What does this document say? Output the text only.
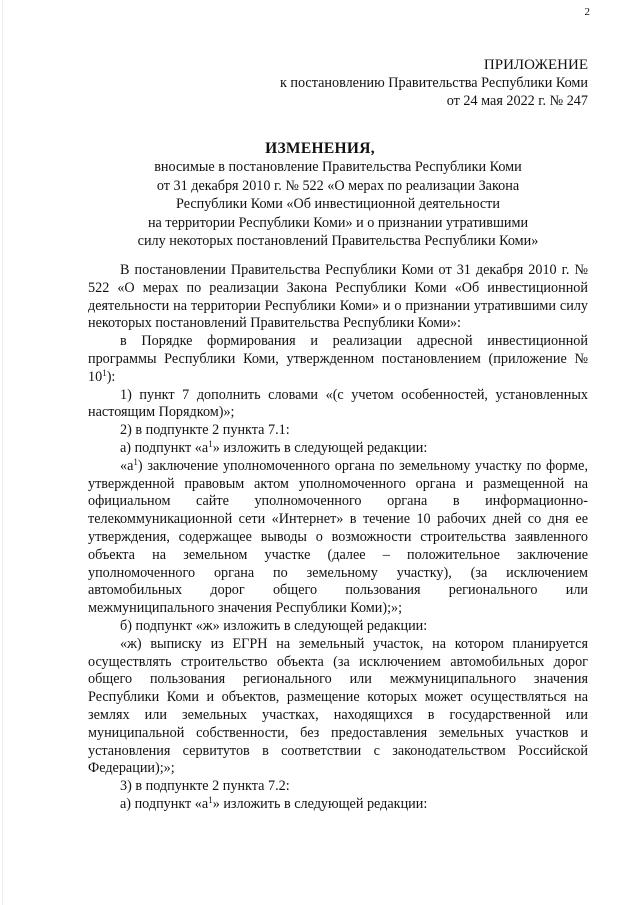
2
ПРИЛОЖЕНИЕ
к постановлению Правительства Республики Коми
от 24 мая 2022 г. № 247
ИЗМЕНЕНИЯ,
вносимые в постановление Правительства Республики Коми
от 31 декабря 2010 г. № 522 «О мерах по реализации Закона
Республики Коми «Об инвестиционной деятельности
на территории Республики Коми» и о признании утратившими
силу некоторых постановлений Правительства Республики Коми»

В постановлении Правительства Республики Коми от 31 декабря 2010 г. № 522 «О мерах по реализации Закона Республики Коми «Об инвестиционной деятельности на территории Республики Коми» и о признании утратившими силу некоторых постановлений Правительства Республики Коми»:

в Порядке формирования и реализации адресной инвестиционной программы Республики Коми, утвержденном постановлением (приложение № $10^1$):

1) пункт 7 дополнить словами «(с учетом особенностей, установленных настоящим Порядком)»;

2) в подпункте 2 пункта 7.1:

а) подпункт «$а^1$» изложить в следующей редакции:

«$а^1$) заключение уполномоченного органа по земельному участку по форме, утвержденной правовым актом уполномоченного органа и размещенной на официальном сайте уполномоченного органа в информационно-телекоммуникационной сети «Интернет» в течение 10 рабочих дней со дня ее утверждения, содержащее выводы о возможности строительства заявленного объекта на земельном участке (далее – положительное заключение уполномоченного органа по земельному участку), (за исключением автомобильных дорог общего пользования регионального или межмуниципального значения Республики Коми);»;

б) подпункт «ж» изложить в следующей редакции:

«ж) выписку из ЕГРН на земельный участок, на котором планируется осуществлять строительство объекта (за исключением автомобильных дорог общего пользования регионального или межмуниципального значения Республики Коми и объектов, размещение которых может осуществляться на землях или земельных участках, находящихся в государственной или муниципальной собственности, без предоставления земельных участков и установления сервитутов в соответствии с законодательством Российской Федерации);»;

3) в подпункте 2 пункта 7.2:

а) подпункт «$а^1$» изложить в следующей редакции:
